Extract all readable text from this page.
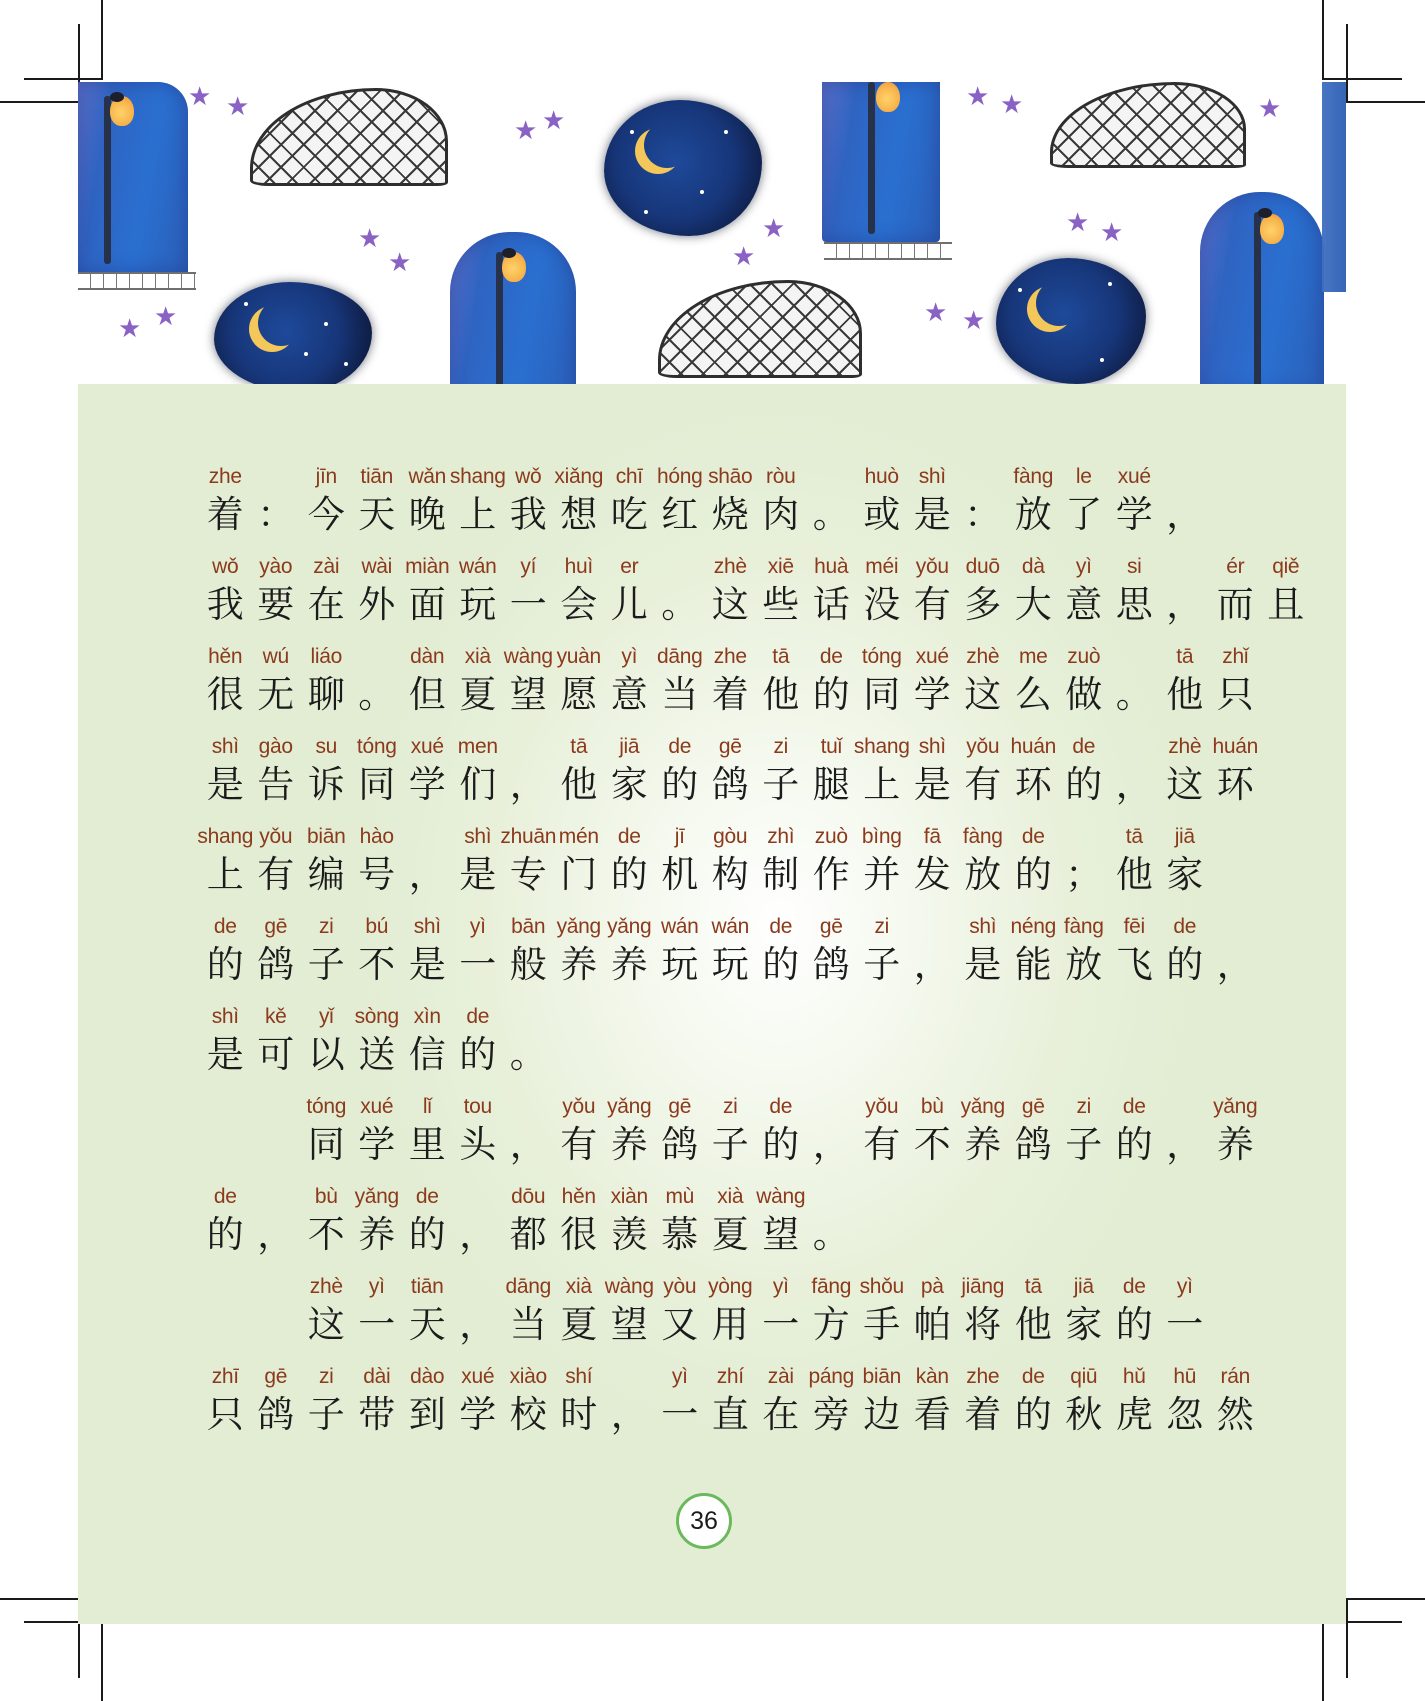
★ ★
★
★
★ ★
★ ★
★
★
★ ★
★ ★
★ ★
★
zhe
着 ：
jīn
今
tiān
天
wǎn
晚
shang
上
wǒ
我
xiǎng
想
chī
吃
hóng
红
shāo
烧
ròu
肉 。
huò
或
shì
是 ：
fàng
放
le
了
xué
学 ，
wǒ
我
yào
要
zài
在
wài
外
miàn
面
wán
玩
yí
一
huì
会
er
儿 。
zhè
这
xiē
些
huà
话
méi
没
yǒu
有
duō
多
dà
大
yì
意
si
思 ，
ér
而
qiě
且
hěn
很
wú
无
liáo
聊 。
dàn
但
xià
夏
wàng
望
yuàn
愿
yì
意
dāng
当
zhe
着
tā
他
de
的
tóng
同
xué
学
zhè
这
me
么
zuò
做 。
tā
他
zhǐ
只
shì
是
gào
告
su
诉
tóng
同
xué
学
men
们 ，
tā
他
jiā
家
de
的
gē
鸽
zi
子
tuǐ
腿
shang
上
shì
是
yǒu
有
huán
环
de
的 ，
zhè
这
huán
环
shang
上
yǒu
有
biān
编
hào
号 ，
shì
是
zhuān
专
mén
门
de
的
jī
机
gòu
构
zhì
制
zuò
作
bìng
并
fā
发
fàng
放
de
的 ；
tā
他
jiā
家
de
的
gē
鸽
zi
子
bú
不
shì
是
yì
一
bān
般
yǎng
养
yǎng
养
wán
玩
wán
玩
de
的
gē
鸽
zi
子 ，
shì
是
néng
能
fàng
放
fēi
飞
de
的 ，
shì
是
kě
可
yǐ
以
sòng
送
xìn
信
de
的 。
tóng
同
xué
学
lǐ
里
tou
头 ，
yǒu
有
yǎng
养
gē
鸽
zi
子
de
的 ，
yǒu
有
bù
不
yǎng
养
gē
鸽
zi
子
de
的 ，
yǎng
养
de
的 ，
bù
不
yǎng
养
de
的 ，
dōu
都
hěn
很
xiàn
羡
mù
慕
xià
夏
wàng
望 。
zhè
这
yì
一
tiān
天 ，
dāng
当
xià
夏
wàng
望
yòu
又
yòng
用
yì
一
fāng
方
shǒu
手
pà
帕
jiāng
将
tā
他
jiā
家
de
的
yì
一
zhī
只
gē
鸽
zi
子
dài
带
dào
到
xué
学
xiào
校
shí
时 ，
yì
一
zhí
直
zài
在
páng
旁
biān
边
kàn
看
zhe
着
de
的
qiū
秋
hǔ
虎
hū
忽
rán
然
36
